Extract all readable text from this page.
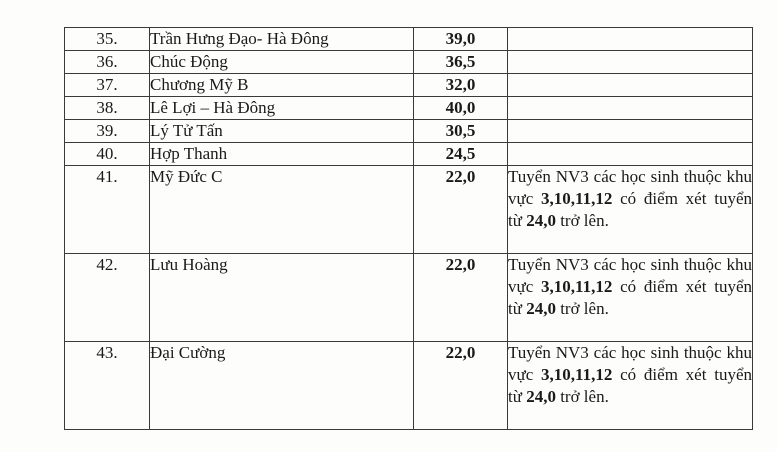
35.	Trần Hưng Đạo- Hà Đông	39,0	
36.	Chúc Động	36,5	
37.	Chương Mỹ B	32,0	
38.	Lê Lợi – Hà Đông	40,0	
39.	Lý Tử Tấn	30,5	
40.	Hợp Thanh	24,5	
41.	Mỹ Đức C	22,0	Tuyển NV3 các học sinh thuộc khu vực 3,10,11,12 có điểm xét tuyển từ 24,0 trở lên.

42.	Lưu Hoàng	22,0	Tuyển NV3 các học sinh thuộc khu vực 3,10,11,12 có điểm xét tuyển từ 24,0 trở lên.

43.	Đại Cường	22,0	Tuyển NV3 các học sinh thuộc khu vực 3,10,11,12 có điểm xét tuyển từ 24,0 trở lên.
